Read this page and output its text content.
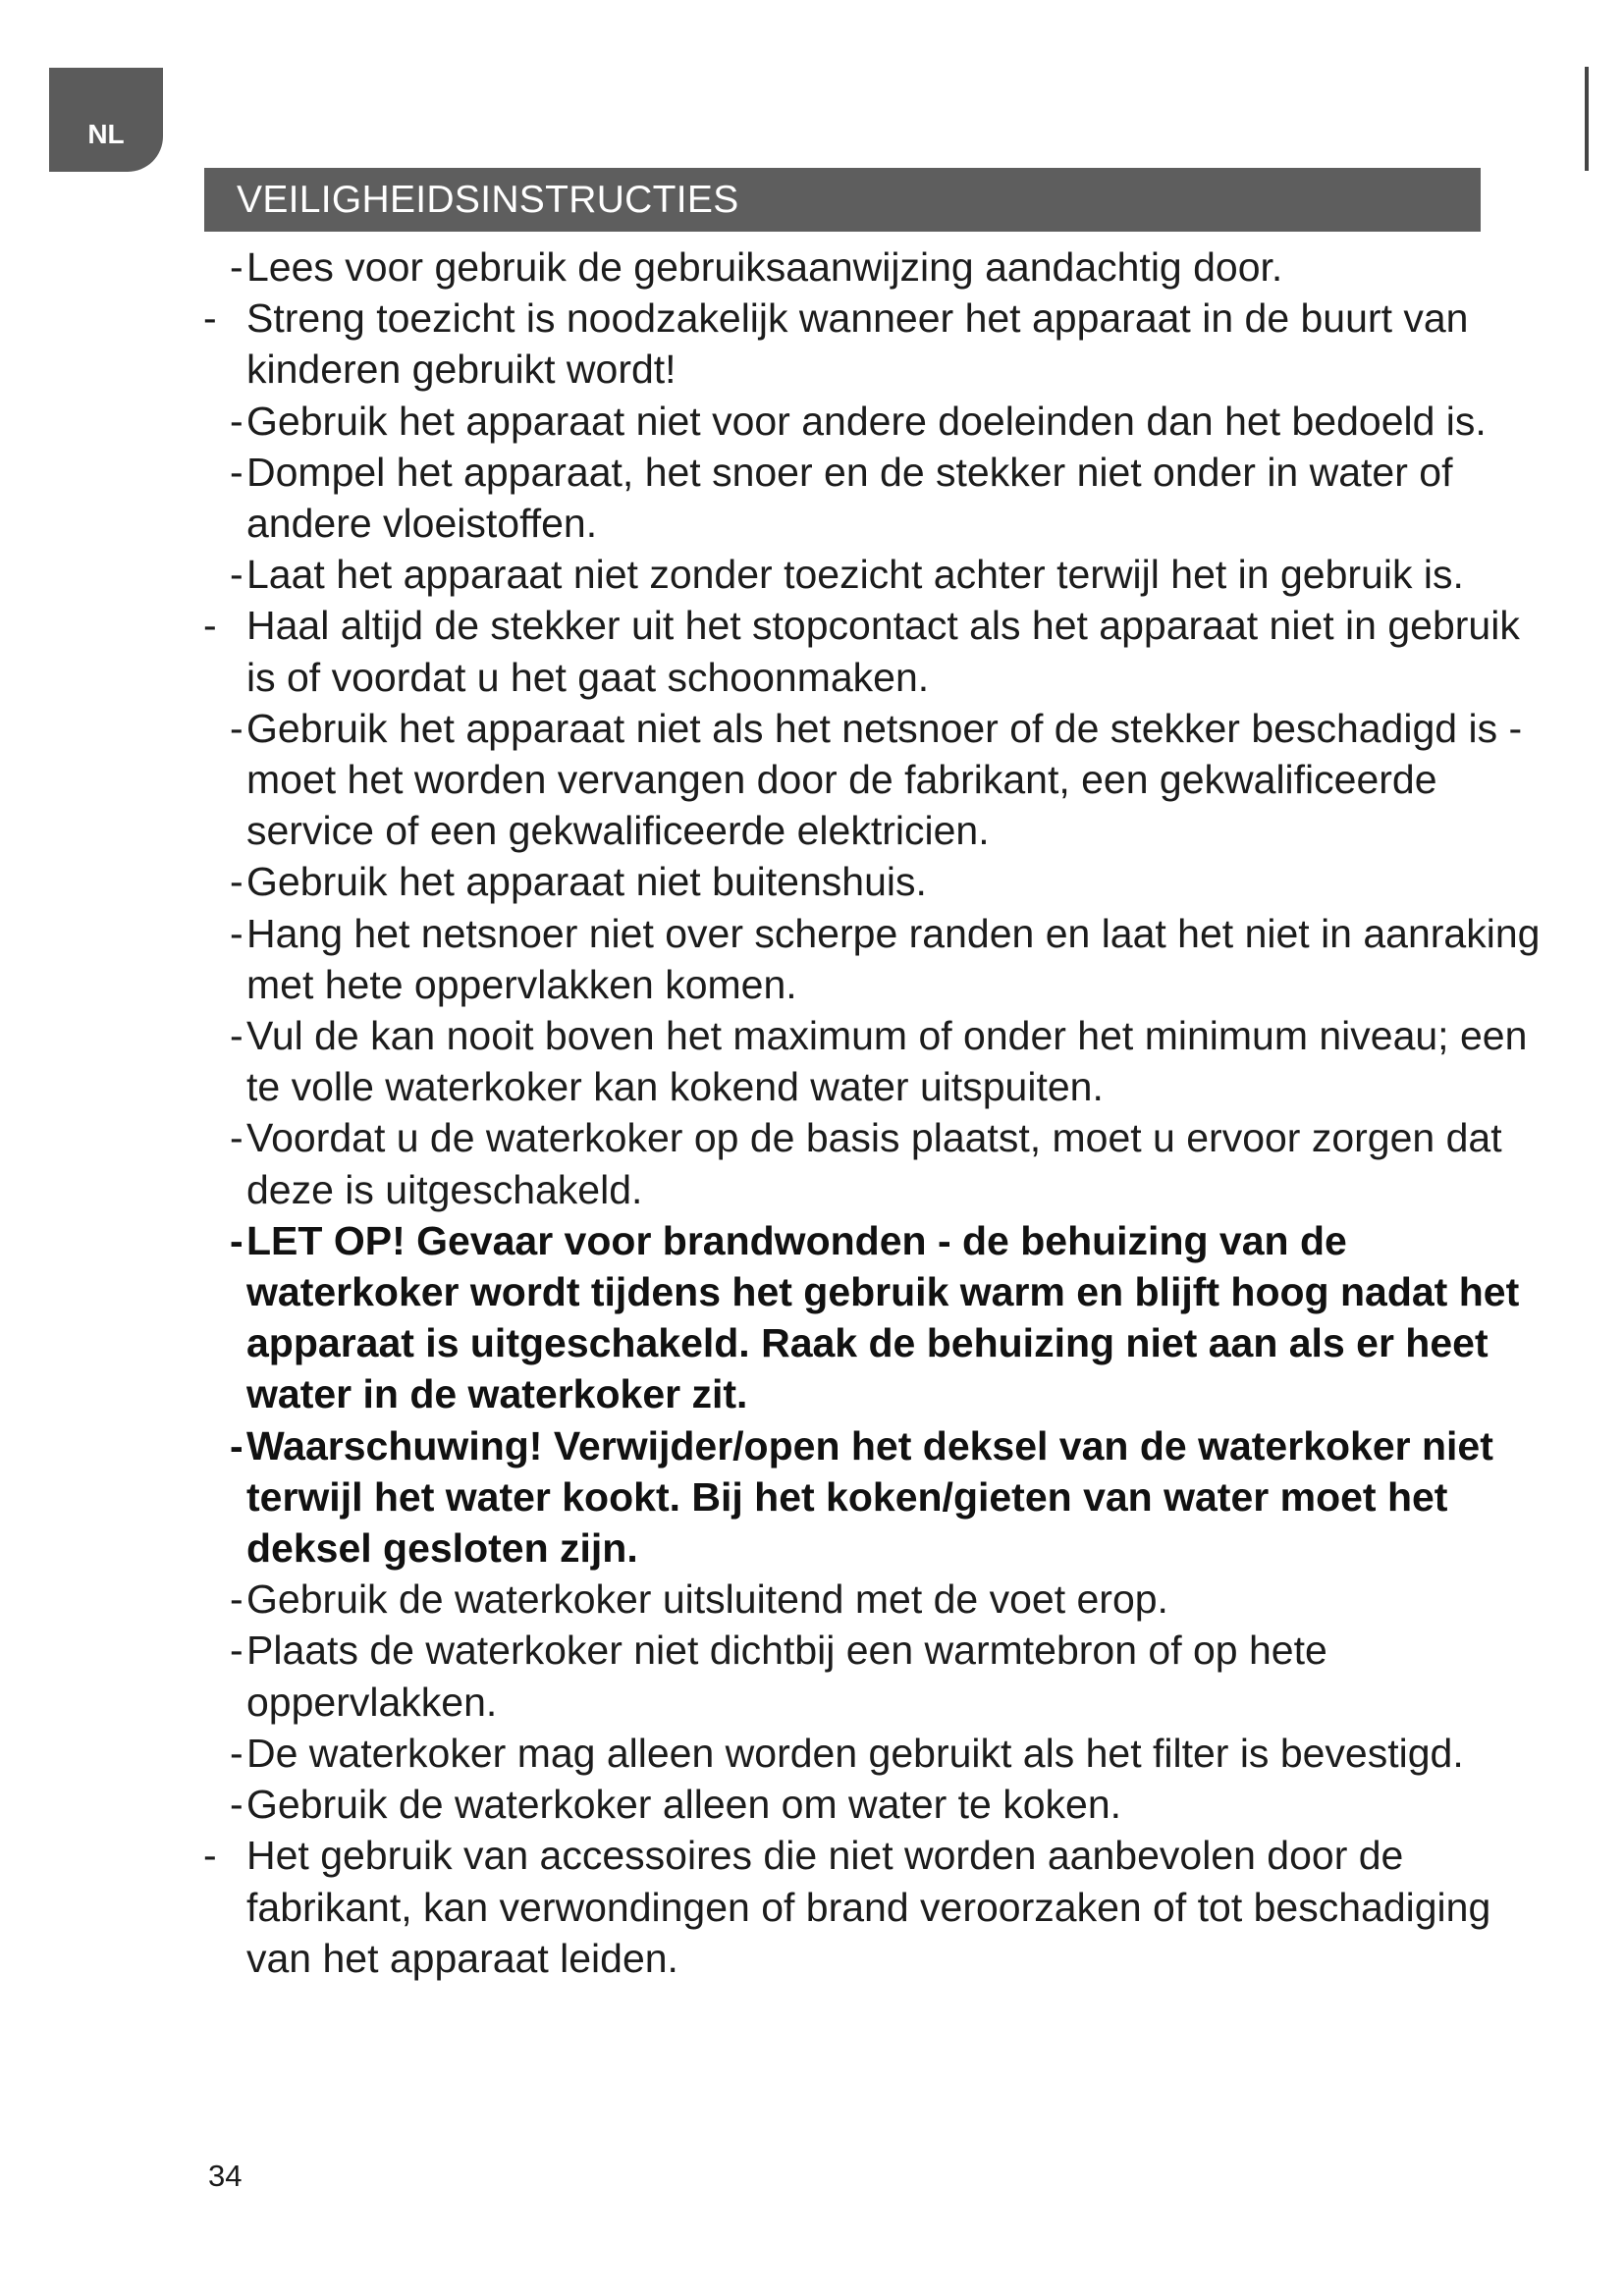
NL
VEILIGHEIDSINSTRUCTIES
- Lees voor gebruik de gebruiksaanwijzing aandachtig door.
- Streng toezicht is noodzakelijk wanneer het apparaat in de buurt van kinderen gebruikt wordt!
- Gebruik het apparaat niet voor andere doeleinden dan het bedoeld is.
- Dompel het apparaat, het snoer en de stekker niet onder in water of andere vloeistoffen.
- Laat het apparaat niet zonder toezicht achter terwijl het in gebruik is.
- Haal altijd de stekker uit het stopcontact als het apparaat niet in gebruik is of voordat u het gaat schoonmaken.
- Gebruik het apparaat niet als het netsnoer of de stekker beschadigd is - moet het worden vervangen door de fabrikant, een gekwalificeerde service of een gekwalificeerde elektricien.
- Gebruik het apparaat niet buitenshuis.
- Hang het netsnoer niet over scherpe randen en laat het niet in aanraking met hete oppervlakken komen.
- Vul de kan nooit boven het maximum of onder het minimum niveau; een te volle waterkoker kan kokend water uitspuiten.
- Voordat u de waterkoker op de basis plaatst, moet u ervoor zorgen dat deze is uitgeschakeld.
- LET OP! Gevaar voor brandwonden - de behuizing van de waterkoker wordt tijdens het gebruik warm en blijft hoog nadat het apparaat is uitgeschakeld. Raak de behuizing niet aan als er heet water in de waterkoker zit.
- Waarschuwing! Verwijder/open het deksel van de waterkoker niet terwijl het water kookt. Bij het koken/gieten van water moet het deksel gesloten zijn.
- Gebruik de waterkoker uitsluitend met de voet erop.
- Plaats de waterkoker niet dichtbij een warmtebron of op hete oppervlakken.
- De waterkoker mag alleen worden gebruikt als het filter is bevestigd.
- Gebruik de waterkoker alleen om water te koken.
- Het gebruik van accessoires die niet worden aanbevolen door de fabrikant, kan verwondingen of brand veroorzaken of tot beschadiging van het apparaat leiden.
34
